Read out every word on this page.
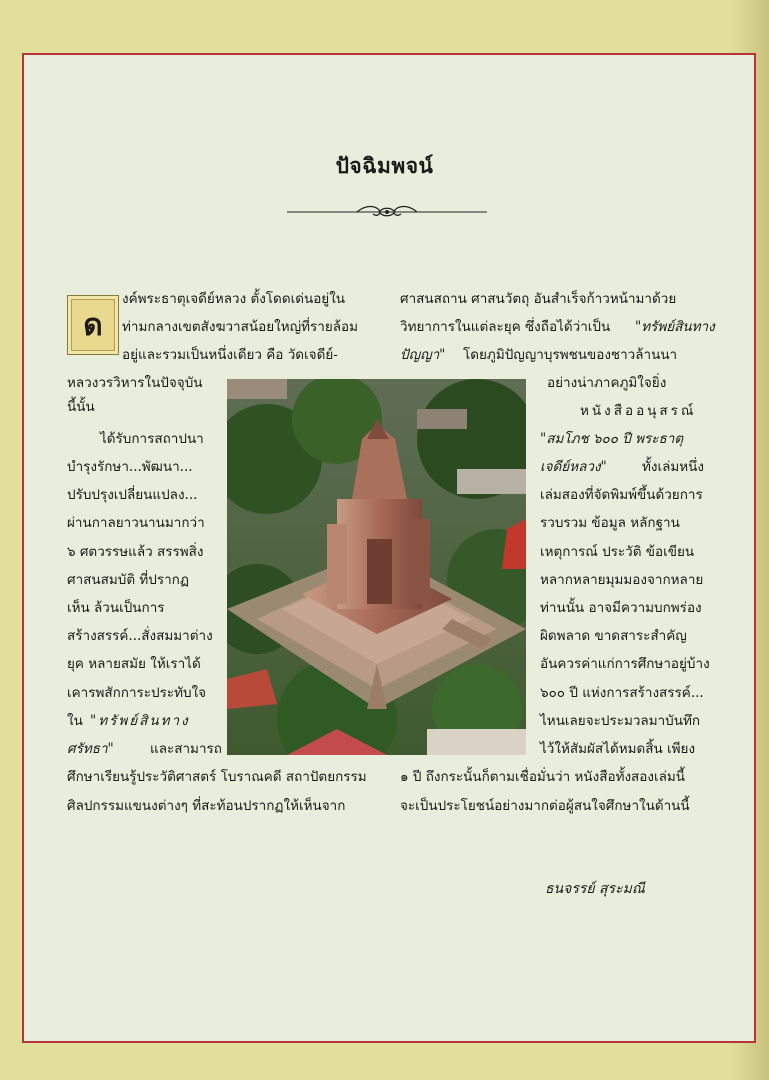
ปัจฉิมพจน์
ด
งค์พระธาตุเจดีย์หลวง ตั้งโดดเด่นอยู่ใน
ท่ามกลางเขตสังฆวาสน้อยใหญ่ที่รายล้อม
อยู่และรวมเป็นหนึ่งเดียว คือ วัดเจดีย์-
หลวงวรวิหารในปัจจุบัน
นี้นั้น
ได้รับการสถาปนา
บำรุงรักษา...พัฒนา...
ปรับปรุงเปลี่ยนแปลง...
ผ่านกาลยาวนานมากว่า
๖ ศตวรรษแล้ว สรรพสิ่ง
ศาสนสมบัติ ที่ปรากฏ
เห็น ล้วนเป็นการ
สร้างสรรค์...สั่งสมมาต่าง
ยุค หลายสมัย ให้เราได้
เคารพสักการะประทับใจ
ใน "ทรัพย์สินทาง
ศรัทธา"	และสามารถ
ศึกษาเรียนรู้ประวัติศาสตร์ โบราณคดี สถาปัตยกรรม
ศิลปกรรมแขนงต่างๆ ที่สะท้อนปรากฏให้เห็นจาก
ศาสนสถาน ศาสนวัตถุ อันสำเร็จก้าวหน้ามาด้วย
วิทยาการในแต่ละยุค ซึ่งถือได้ว่าเป็น "ทรัพย์สินทาง
ปัญญา" โดยภูมิปัญญาบุรพชนของชาวล้านนา
อย่างน่าภาคภูมิใจยิ่ง
หนังสืออนุสรณ์
"สมโภช ๖๐๐ ปี พระธาตุ
เจดีย์หลวง"	ทั้งเล่มหนึ่ง
เล่มสองที่จัดพิมพ์ขึ้นด้วยการ
รวบรวม ข้อมูล หลักฐาน
เหตุการณ์ ประวัติ ข้อเขียน
หลากหลายมุมมองจากหลาย
ท่านนั้น อาจมีความบกพร่อง
ผิดพลาด ขาดสาระสำคัญ
อันควรค่าแก่การศึกษาอยู่บ้าง
๖๐๐ ปี แห่งการสร้างสรรค์...
ไหนเลยจะประมวลมาบันทึก
ไว้ให้สัมผัสได้หมดสิ้น เพียง
๑ ปี ถึงกระนั้นก็ตามเชื่อมั่นว่า หนังสือทั้งสองเล่มนี้
จะเป็นประโยชน์อย่างมากต่อผู้สนใจศึกษาในด้านนี้
ธนจรรย์ สุระมณี
